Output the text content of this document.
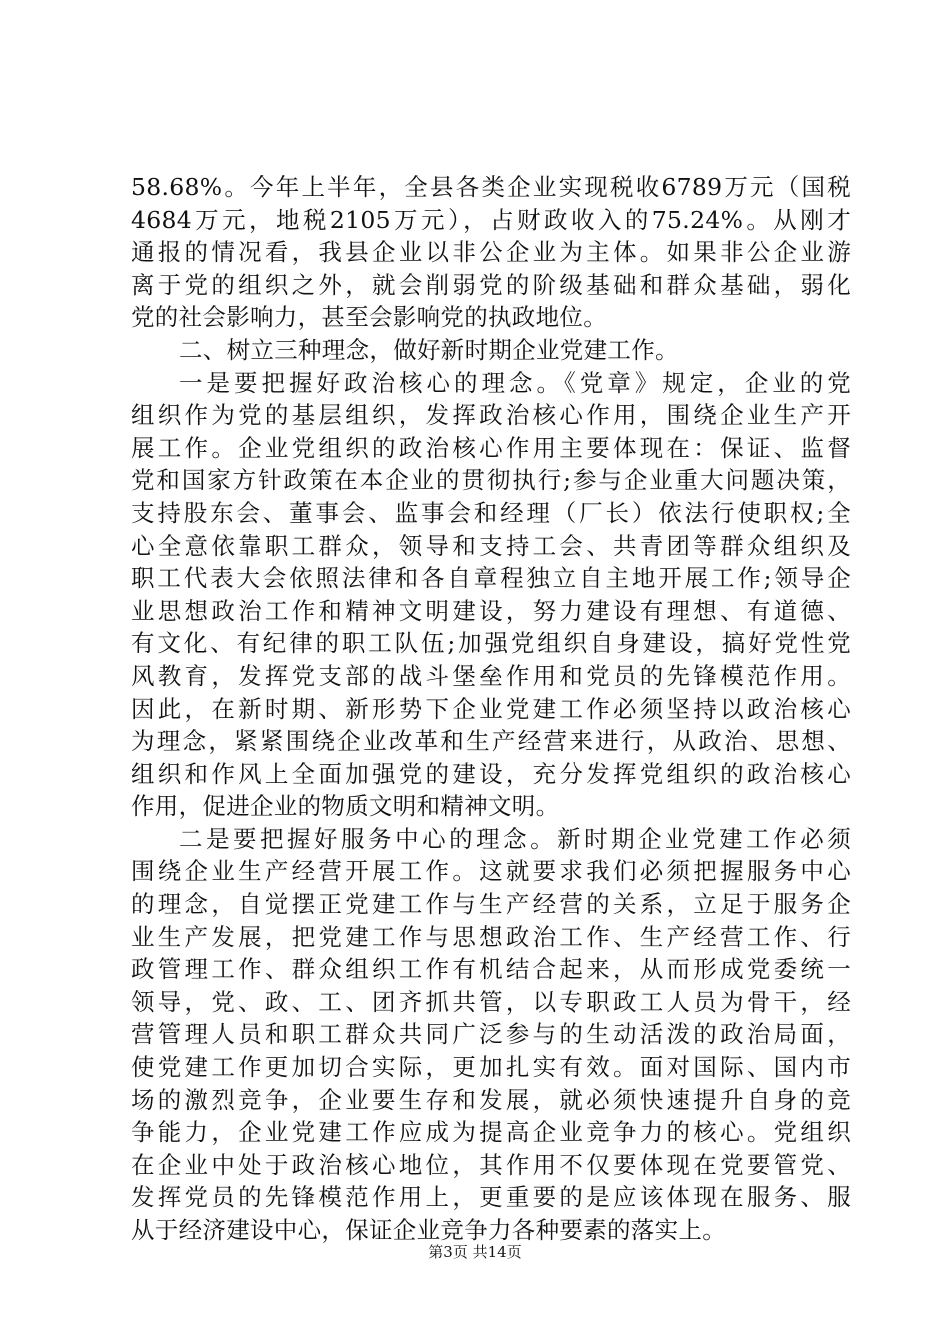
58.68%。今年上半年，全县各类企业实现税收6789万元（国税
4684万元，地税2105万元），占财政收入的75.24%。从刚才
通报的情况看，我县企业以非公企业为主体。如果非公企业游
离于党的组织之外，就会削弱党的阶级基础和群众基础，弱化
党的社会影响力，甚至会影响党的执政地位。
二、树立三种理念，做好新时期企业党建工作。
一是要把握好政治核心的理念。《党章》规定，企业的党
组织作为党的基层组织，发挥政治核心作用，围绕企业生产开
展工作。企业党组织的政治核心作用主要体现在：保证、监督
党和国家方针政策在本企业的贯彻执行;参与企业重大问题决策，
支持股东会、董事会、监事会和经理（厂长）依法行使职权;全
心全意依靠职工群众，领导和支持工会、共青团等群众组织及
职工代表大会依照法律和各自章程独立自主地开展工作;领导企
业思想政治工作和精神文明建设，努力建设有理想、有道德、
有文化、有纪律的职工队伍;加强党组织自身建设，搞好党性党
风教育，发挥党支部的战斗堡垒作用和党员的先锋模范作用。
因此，在新时期、新形势下企业党建工作必须坚持以政治核心
为理念，紧紧围绕企业改革和生产经营来进行，从政治、思想、
组织和作风上全面加强党的建设，充分发挥党组织的政治核心
作用，促进企业的物质文明和精神文明。
二是要把握好服务中心的理念。新时期企业党建工作必须
围绕企业生产经营开展工作。这就要求我们必须把握服务中心
的理念，自觉摆正党建工作与生产经营的关系，立足于服务企
业生产发展，把党建工作与思想政治工作、生产经营工作、行
政管理工作、群众组织工作有机结合起来，从而形成党委统一
领导，党、政、工、团齐抓共管，以专职政工人员为骨干，经
营管理人员和职工群众共同广泛参与的生动活泼的政治局面，
使党建工作更加切合实际，更加扎实有效。面对国际、国内市
场的激烈竞争，企业要生存和发展，就必须快速提升自身的竞
争能力，企业党建工作应成为提高企业竞争力的核心。党组织
在企业中处于政治核心地位，其作用不仅要体现在党要管党、
发挥党员的先锋模范作用上，更重要的是应该体现在服务、服
从于经济建设中心，保证企业竞争力各种要素的落实上。
第3页 共14页
